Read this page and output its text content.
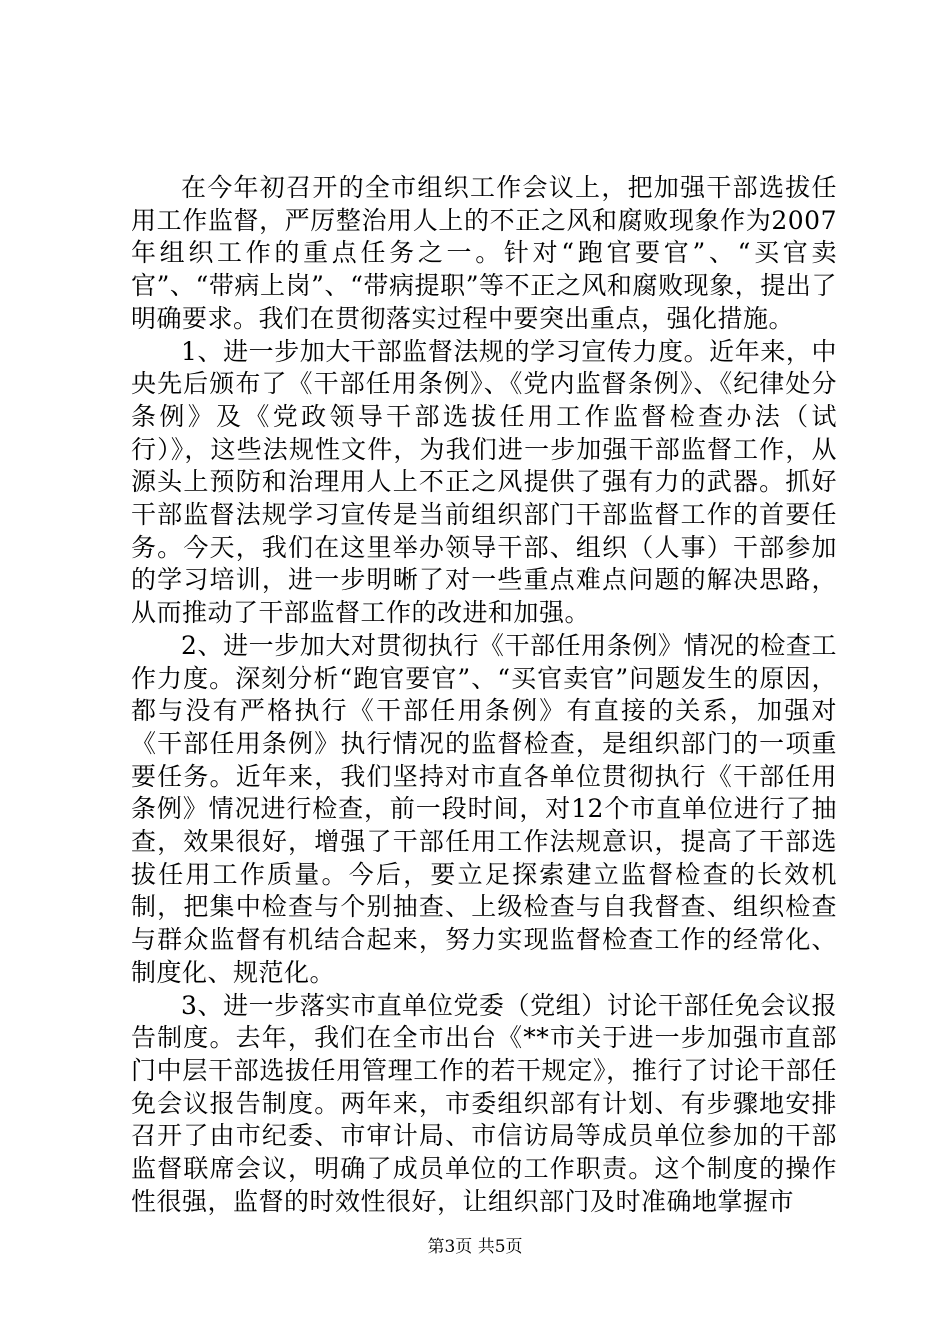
在今年初召开的全市组织工作会议上，把加强干部选拔任用工作监督，严厉整治用人上的不正之风和腐败现象作为2007年组织工作的重点任务之一。针对“跑官要官”、“买官卖官”、“带病上岗”、“带病提职”等不正之风和腐败现象，提出了明确要求。我们在贯彻落实过程中要突出重点，强化措施。

1、进一步加大干部监督法规的学习宣传力度。近年来，中央先后颁布了《干部任用条例》、《党内监督条例》、《纪律处分条例》及《党政领导干部选拔任用工作监督检查办法（试行）》，这些法规性文件，为我们进一步加强干部监督工作，从源头上预防和治理用人上不正之风提供了强有力的武器。抓好干部监督法规学习宣传是当前组织部门干部监督工作的首要任务。今天，我们在这里举办领导干部、组织（人事）干部参加的学习培训，进一步明晰了对一些重点难点问题的解决思路，从而推动了干部监督工作的改进和加强。

2、进一步加大对贯彻执行《干部任用条例》情况的检查工作力度。深刻分析“跑官要官”、“买官卖官”问题发生的原因，都与没有严格执行《干部任用条例》有直接的关系，加强对《干部任用条例》执行情况的监督检查，是组织部门的一项重要任务。近年来，我们坚持对市直各单位贯彻执行《干部任用条例》情况进行检查，前一段时间，对12个市直单位进行了抽查，效果很好，增强了干部任用工作法规意识，提高了干部选拔任用工作质量。今后，要立足探索建立监督检查的长效机制，把集中检查与个别抽查、上级检查与自我督查、组织检查与群众监督有机结合起来，努力实现监督检查工作的经常化、制度化、规范化。

3、进一步落实市直单位党委（党组）讨论干部任免会议报告制度。去年，我们在全市出台《**市关于进一步加强市直部门中层干部选拔任用管理工作的若干规定》，推行了讨论干部任免会议报告制度。两年来，市委组织部有计划、有步骤地安排召开了由市纪委、市审计局、市信访局等成员单位参加的干部监督联席会议，明确了成员单位的工作职责。这个制度的操作性很强，监督的时效性很好，让组织部门及时准确地掌握市

第3页 共5页
